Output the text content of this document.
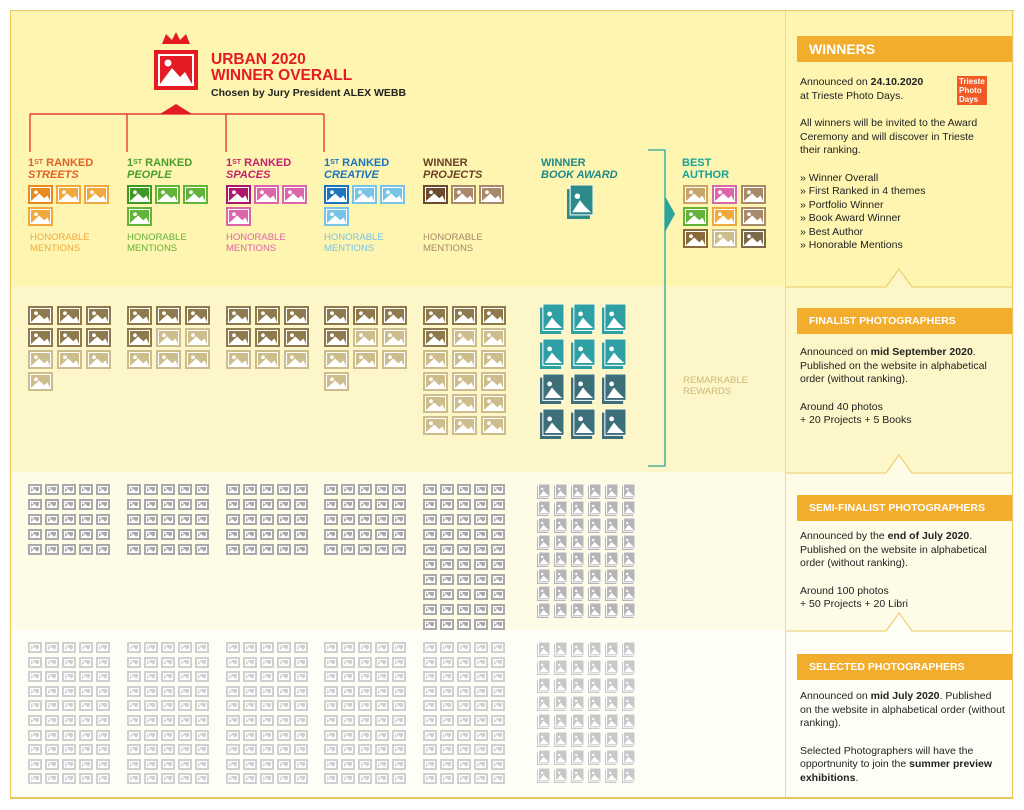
URBAN 2020
WINNER OVERALL
Chosen by Jury President ALEX WEBB
1ST RANKED
STREETS
1ST RANKED
PEOPLE
1ST RANKED
SPACES
1ST RANKED
CREATIVE
WINNER
PROJECTS
WINNER
BOOK AWARD
BEST
AUTHOR
HONORABLE
MENTIONS
HONORABLE
MENTIONS
HONORABLE
MENTIONS
HONORABLE
MENTIONS
HONORABLE
MENTIONS
REMARKABLE
REWARDS
WINNERS

Announced on 24.10.2020
at Trieste Photo Days.

All winners will be invited to the Award Ceremony and will discover in Trieste their ranking.

» Winner Overall
» First Ranked in 4 themes
» Portfolio Winner
» Book Award Winner
» Best Author
» Honorable Mentions
Trieste
Photo
Days
FINALIST PHOTOGRAPHERS

Announced on mid September 2020. Published on the website in alphabetical order (without ranking).

Around 40 photos
+ 20 Projects + 5 Books
SEMI-FINALIST PHOTOGRAPHERS

Announced by the end of July 2020. Published on the website in alphabetical order (without ranking).

Around 100 photos
+ 50 Projects + 20 Libri
SELECTED PHOTOGRAPHERS

Announced on mid July 2020. Published on the website in alphabetical order (without ranking).

Selected Photographers will have the opportnunity to join the summer preview exhibitions.
